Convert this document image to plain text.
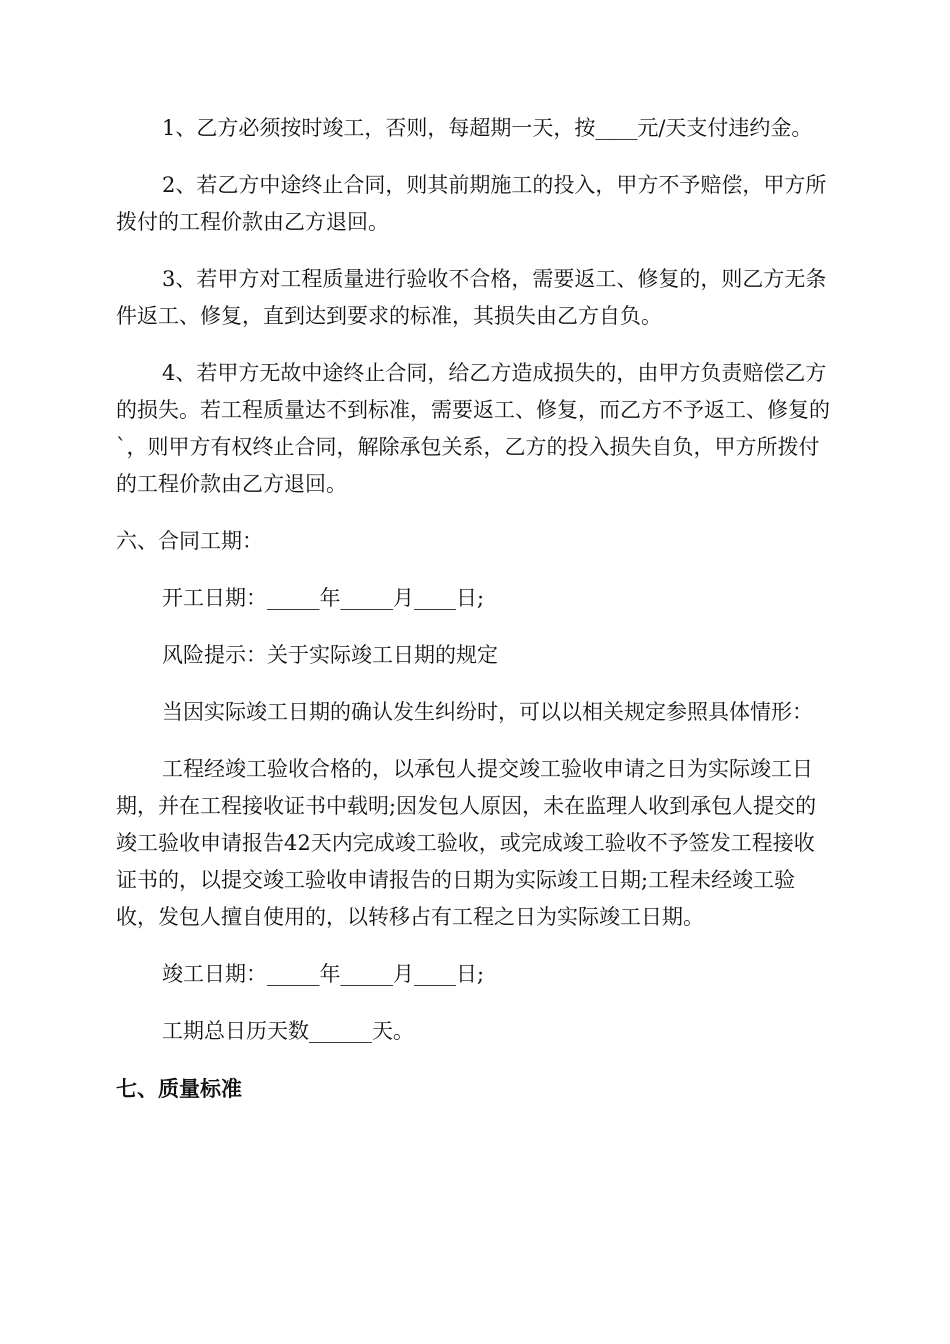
1、乙方必须按时竣工，否则，每超期一天，按____元/天支付违约金。

2、若乙方中途终止合同，则其前期施工的投入，甲方不予赔偿，甲方所拨付的工程价款由乙方退回。

3、若甲方对工程质量进行验收不合格，需要返工、修复的，则乙方无条件返工、修复，直到达到要求的标准，其损失由乙方自负。

4、若甲方无故中途终止合同，给乙方造成损失的，由甲方负责赔偿乙方的损失。若工程质量达不到标准，需要返工、修复，而乙方不予返工、修复的`，则甲方有权终止合同，解除承包关系，乙方的投入损失自负，甲方所拨付的工程价款由乙方退回。

六、合同工期：

开工日期：_____年_____月____日;

风险提示：关于实际竣工日期的规定

当因实际竣工日期的确认发生纠纷时，可以以相关规定参照具体情形：

工程经竣工验收合格的，以承包人提交竣工验收申请之日为实际竣工日期，并在工程接收证书中载明;因发包人原因，未在监理人收到承包人提交的竣工验收申请报告42天内完成竣工验收，或完成竣工验收不予签发工程接收证书的，以提交竣工验收申请报告的日期为实际竣工日期;工程未经竣工验收，发包人擅自使用的，以转移占有工程之日为实际竣工日期。

竣工日期：_____年_____月____日;

工期总日历天数______天。

七、质量标准
